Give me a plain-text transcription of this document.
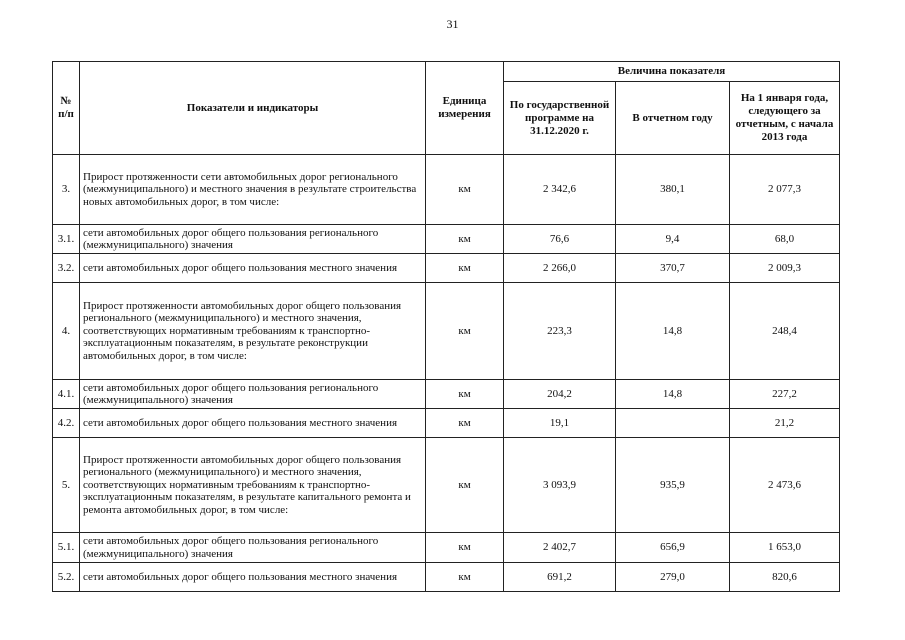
31
№ п/п	Показатели и индикаторы	Единица измерения	Величина показателя		
			По государственной программе на 31.12.2020 г.	В отчетном году	На 1 января года, следующего за отчетным, с начала 2013 года
3.	Прирост протяженности сети автомобильных дорог регионального (межмуниципального) и местного значения в результате строительства новых автомобильных дорог, в том числе:	км	2 342,6	380,1	2 077,3
3.1.	сети автомобильных дорог общего пользования регионального (межмуниципального) значения	км	76,6	9,4	68,0
3.2.	сети автомобильных дорог общего пользования местного значения	км	2 266,0	370,7	2 009,3
4.	Прирост протяженности автомобильных дорог общего пользования регионального (межмуниципального) и местного значения, соответствующих нормативным требованиям к транспортно-эксплуатационным показателям, в результате реконструкции автомобильных дорог, в том числе:	км	223,3	14,8	248,4
4.1.	сети автомобильных дорог общего пользования регионального (межмуниципального) значения	км	204,2	14,8	227,2
4.2.	сети автомобильных дорог общего пользования местного значения	км	19,1		21,2
5.	Прирост протяженности автомобильных дорог общего пользования регионального (межмуниципального) и местного значения, соответствующих нормативным требованиям к транспортно-эксплуатационным показателям, в результате капитального ремонта и ремонта автомобильных дорог, в том числе:	км	3 093,9	935,9	2 473,6
5.1.	сети автомобильных дорог общего пользования регионального (межмуниципального) значения	км	2 402,7	656,9	1 653,0
5.2.	сети автомобильных дорог общего пользования местного значения	км	691,2	279,0	820,6
